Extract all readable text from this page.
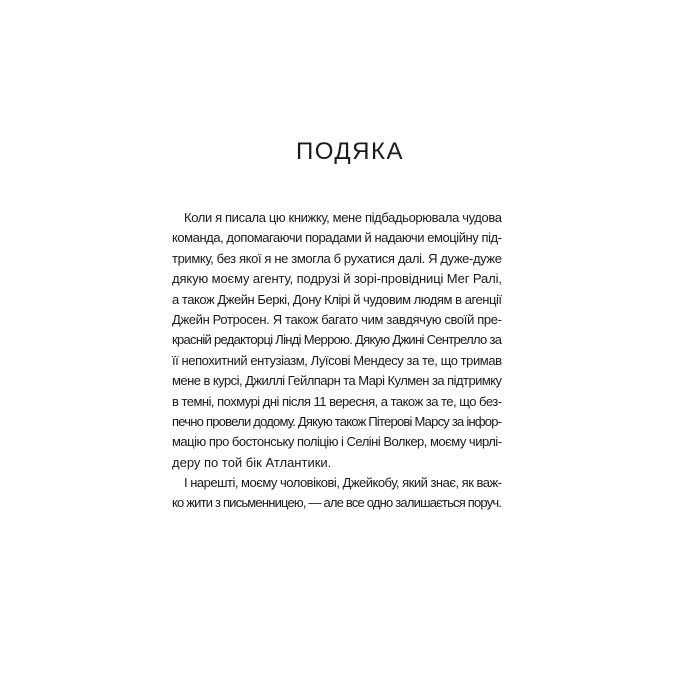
ПОДЯКА
Коли я писала цю книжку, мене підбадьорювала чудова
команда, допомагаючи порадами й надаючи емоційну під-
тримку, без якої я не змогла б рухатися далі. Я дуже-дуже
дякую моєму агенту, подрузі й зорі-провідниці Мег Ралі,
а також Джейн Беркі, Дону Клірі й чудовим людям в агенції
Джейн Ротросен. Я також багато чим завдячую своїй пре-
красній редакторці Лінді Меррою. Дякую Джині Сентрелло за
її непохитний ентузіазм, Луїсові Мендесу за те, що тримав
мене в курсі, Джиллі Гейлпарн та Марі Кулмен за підтримку
в темні, похмурі дні після 11 вересня, а також за те, що без-
печно провели додому. Дякую також Пітерові Марсу за інфор-
мацію про бостонську поліцію і Селіні Волкер, моєму чирлі-
деру по той бік Атлантики.
І нарешті, моєму чоловікові, Джейкобу, який знає, як важ-
ко жити з письменницею, — але все одно залишається поруч.
